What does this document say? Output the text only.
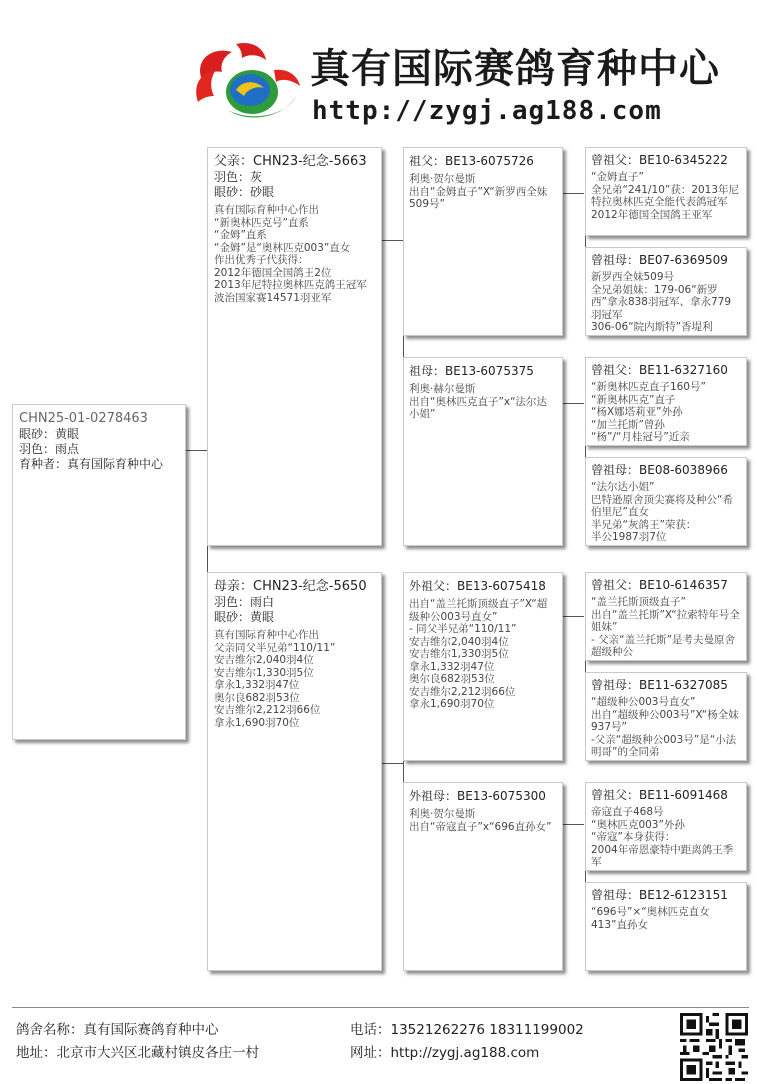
真有国际赛鸽育种中心
http://zygj.ag188.com
CHN25-01-0278463
眼砂：黄眼
羽色：雨点
育种者：真有国际育种中心
父亲：CHN23-纪念-5663
羽色：灰
眼砂：砂眼
真有国际育种中心作出
“新奥林匹克号”直系
“金姆”直系
“金姆”是“奥林匹克003”直女
作出优秀子代获得：
2012年德国全国鸽王2位
2013年尼特拉奥林匹克鸽王冠军
波治国家赛14571羽亚军
母亲：CHN23-纪念-5650
羽色：雨白
眼砂：黄眼
真有国际育种中心作出
父亲同父半兄弟“110/11”
安吉维尔2,040羽4位
安吉维尔1,330羽5位
拿永1,332羽47位
奥尔良682羽53位
安吉维尔2,212羽66位
拿永1,690羽70位
祖父：BE13-6075726
利奥·贺尔曼斯
出自“金姆直子”X“新罗西全妹509号”
祖母：BE13-6075375
利奥·赫尔曼斯
出自“奥林匹克直子”x“法尔达小姐”
外祖父：BE13-6075418
出自“盖兰托斯顶级直子”X“超级种公003号直女”
- 同父半兄弟“110/11”
安吉维尔2,040羽4位
安吉维尔1,330羽5位
拿永1,332羽47位
奥尔良682羽53位
安吉维尔2,212羽66位
拿永1,690羽70位
外祖母：BE13-6075300
利奥·贺尔曼斯
出自“帝寇直子”x“696直孙女”
曾祖父：BE10-6345222
“金姆直子”
全兄弟“241/10”获：2013年尼特拉奥林匹克全能代表鸽冠军
2012年德国全国鸽王亚军
曾祖母：BE07-6369509
新罗西全妹509号
全兄弟姐妹：179-06“新罗西”拿永838羽冠军、拿永779羽冠军
306-06“院内斯特”香堤利
曾祖父：BE11-6327160
“新奥林匹克直子160号”
“新奥林匹克”直子
“杨X娜塔莉亚”外孙
“加兰托斯”曾孙
“杨”/“月桂冠号”近亲
曾祖母：BE08-6038966
“法尔达小姐”
巴特逊原舍顶尖赛将及种公“希伯里尼”直女
半兄弟“灰鸽王”荣获：
半公1987羽7位
曾祖父：BE10-6146357
“盖兰托斯顶级直子”
出自“盖兰托斯”X“拉索特年号全姐妹”
- 父亲“盖兰托斯”是考夫曼原舍超级种公
曾祖母：BE11-6327085
“超级种公003号直女”
出自“超级种公003号”X“杨全妹937号”
-父亲“超级种公003号”是“小法明哥”的全同弟
曾祖父：BE11-6091468
帝寇直子468号
“奥林匹克003”外孙
“帝寇”本身获得：
2004年帝恩豪特中距离鸽王季军
曾祖母：BE12-6123151
“696号”×“奥林匹克直女413”直孙女
鸽舍名称：真有国际赛鸽育种中心
地址：北京市大兴区北藏村镇皮各庄一村
电话：13521262276 18311199002
网址：http://zygj.ag188.com
